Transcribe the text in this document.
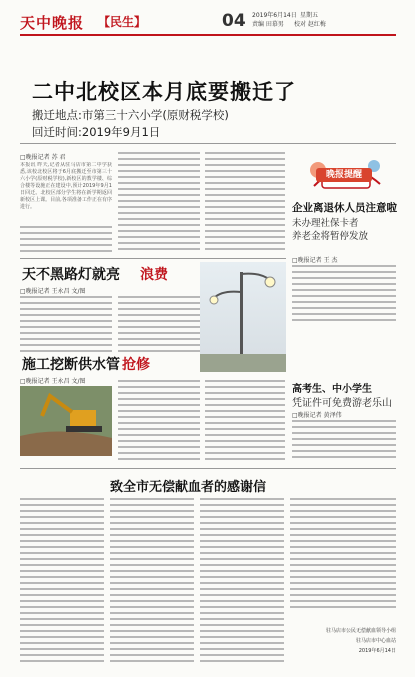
天中晚报 【民生】	04 2019年6月14日 星期五
责编 田慕男 校对 赵红梅
二中北校区本月底要搬迁了
搬迁地点:市第三十六小学(原财税学校)
回迁时间:2019年9月1日
□晚报记者 苏 君
本报讯 昨天,记者从驻马店市第二中学获悉,该校北校区将于6月底搬迁至市第三十六小学(原财税学校),新校区的教学楼、综合楼等设施正在建设中,预计2019年9月1日回迁。北校区部分学生将在新学期返回新校区上课。目前,各项准备工作正在有序进行。
晚报提醒
企业离退休人员注意啦
未办理社保卡者
养老金将暂停发放
□晚报记者 王 杰
天不黑路灯就亮 浪费
□晚报记者 王永昌 文/图
施工挖断供水管 抢修
□晚报记者 王永昌 文/图
高考生、中小学生
凭证件可免费游老乐山
□晚报记者 黄泽伟
致全市无偿献血者的感谢信
驻马店市公民无偿献血领导小组
驻马店市中心血站
2019年6月14日
